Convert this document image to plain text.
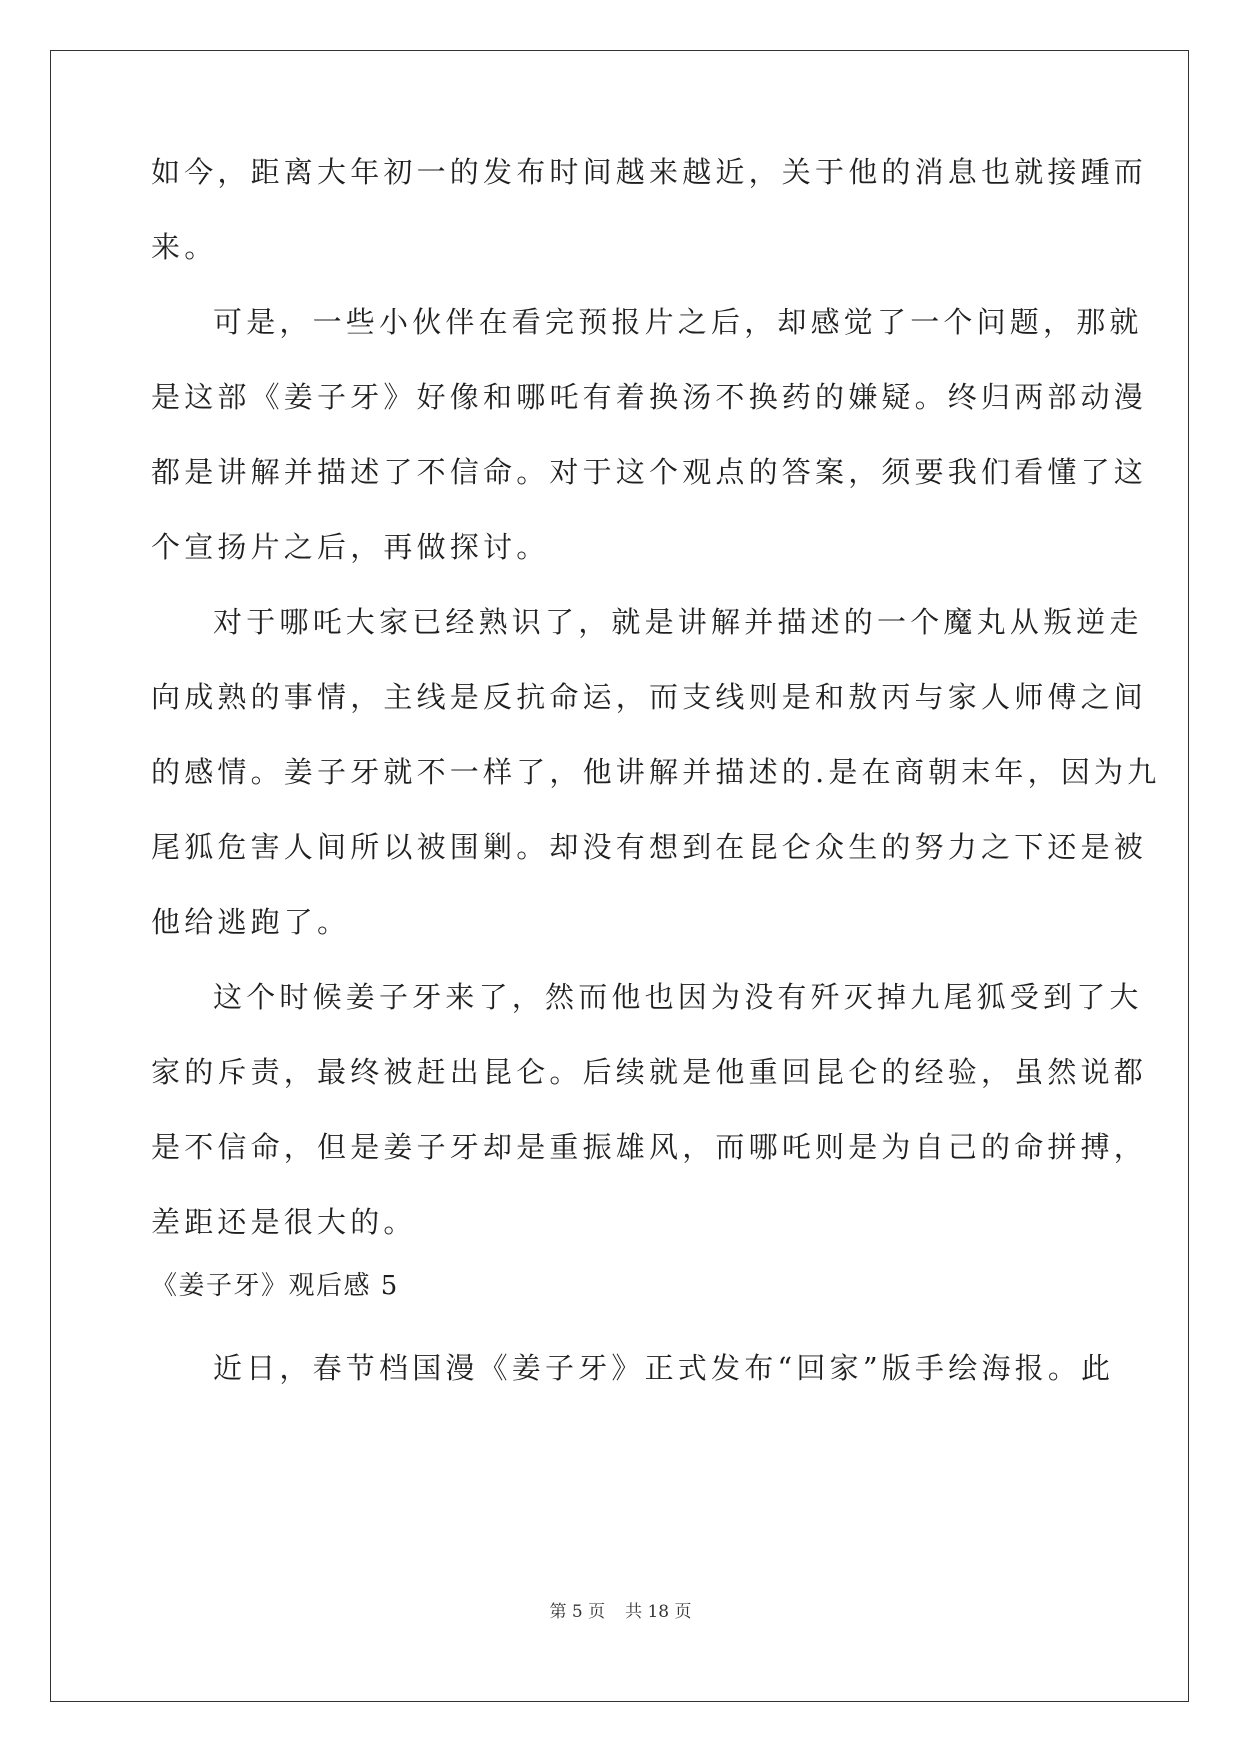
如今，距离大年初一的发布时间越来越近，关于他的消息也就接踵而
来。
可是，一些小伙伴在看完预报片之后，却感觉了一个问题，那就
是这部《姜子牙》好像和哪吒有着换汤不换药的嫌疑。终归两部动漫
都是讲解并描述了不信命。对于这个观点的答案，须要我们看懂了这
个宣扬片之后，再做探讨。
对于哪吒大家已经熟识了，就是讲解并描述的一个魔丸从叛逆走
向成熟的事情，主线是反抗命运，而支线则是和敖丙与家人师傅之间
的感情。姜子牙就不一样了，他讲解并描述的.是在商朝末年，因为九
尾狐危害人间所以被围剿。却没有想到在昆仑众生的努力之下还是被
他给逃跑了。
这个时候姜子牙来了，然而他也因为没有歼灭掉九尾狐受到了大
家的斥责，最终被赶出昆仑。后续就是他重回昆仑的经验，虽然说都
是不信命，但是姜子牙却是重振雄风，而哪吒则是为自己的命拼搏，
差距还是很大的。
《姜子牙》观后感 5
近日，春节档国漫《姜子牙》正式发布“回家”版手绘海报。此
第 5 页 共 18 页
